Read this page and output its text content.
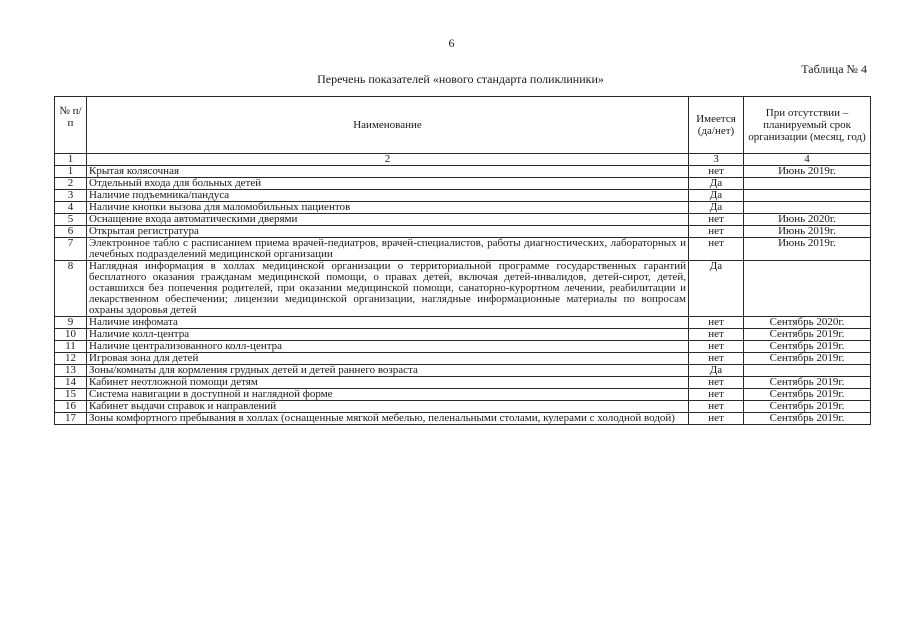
6
Таблица № 4
Перечень показателей «нового стандарта поликлиники»
№ п/п	Наименование	Имеется (да/нет)	При отсутствии – планируемый срок организации (месяц, год)
1	2	3	4
1	Крытая колясочная	нет	Июнь 2019г.
2	Отдельный входа для больных детей	Да	
3	Наличие подъемника/пандуса	Да	
4	Наличие кнопки вызова для маломобильных пациентов	Да	
5	Оснащение входа автоматическими дверями	нет	Июнь 2020г.
6	Открытая регистратура	нет	Июнь 2019г.
7	Электронное табло с расписанием приема врачей-педиатров, врачей-специалистов, работы диагностических, лабораторных и лечебных подразделений медицинской организации	нет	Июнь 2019г.
8	Наглядная информация в холлах медицинской организации о территориальной программе государственных гарантий бесплатного оказания гражданам медицинской помощи, о правах детей, включая детей-инвалидов, детей-сирот, детей, оставшихся без попечения родителей, при оказании медицинской помощи, санаторно-курортном лечении, реабилитации и лекарственном обеспечении; лицензии медицинской организации, наглядные информационные материалы по вопросам охраны здоровья детей	Да	
9	Наличие инфомата	нет	Сентябрь 2020г.
10	Наличие колл-центра	нет	Сентябрь 2019г.
11	Наличие централизованного колл-центра	нет	Сентябрь 2019г.
12	Игровая зона для детей	нет	Сентябрь 2019г.
13	Зоны/комнаты для кормления грудных детей и детей раннего возраста	Да	
14	Кабинет неотложной помощи детям	нет	Сентябрь 2019г.
15	Система навигации в доступной и наглядной форме	нет	Сентябрь 2019г.
16	Кабинет выдачи справок и направлений	нет	Сентябрь 2019г.
17	Зоны комфортного пребывания в холлах (оснащенные мягкой мебелью, пеленальными столами, кулерами с холодной водой)	нет	Сентябрь 2019г.
